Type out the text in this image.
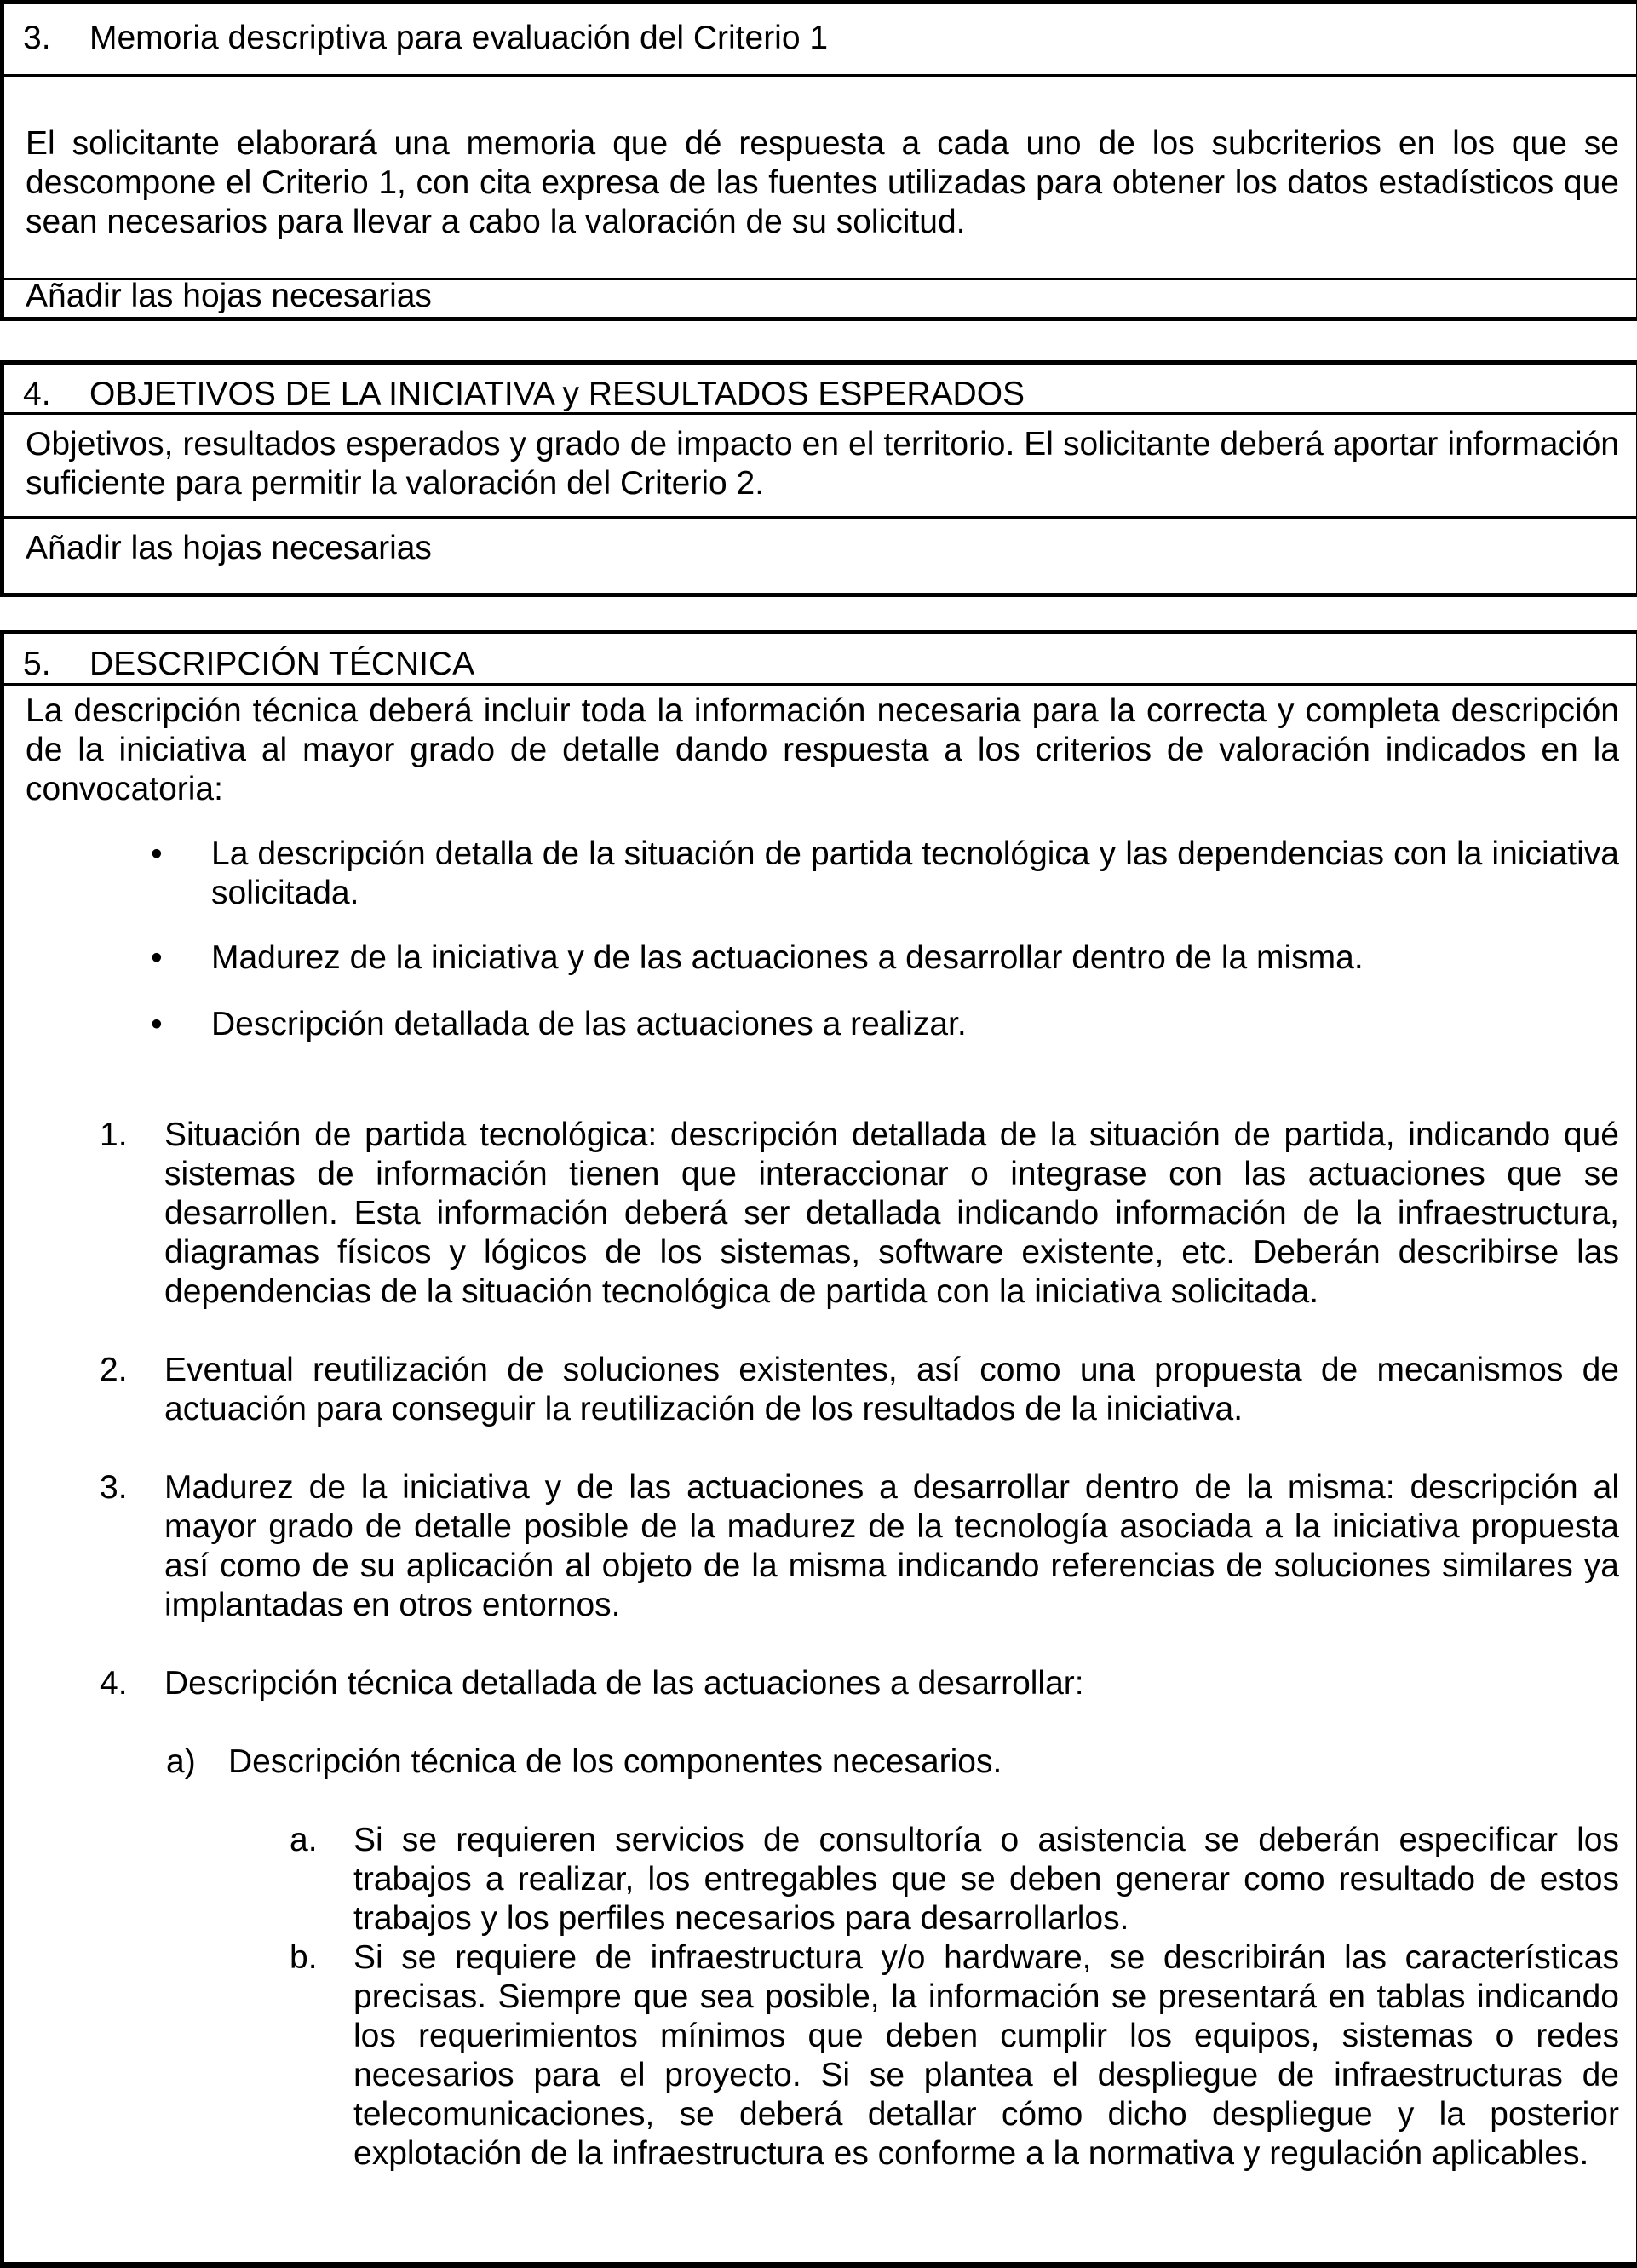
3. Memoria descriptiva para evaluación del Criterio 1
El solicitante elaborará una memoria que dé respuesta a cada uno de los subcriterios en los que se descompone el Criterio 1, con cita expresa de las fuentes utilizadas para obtener los datos estadísticos que sean necesarios para llevar a cabo la valoración de su solicitud.
Añadir las hojas necesarias
4. OBJETIVOS DE LA INICIATIVA y RESULTADOS ESPERADOS
Objetivos, resultados esperados y grado de impacto en el territorio. El solicitante deberá aportar información suficiente para permitir la valoración del Criterio 2.
Añadir las hojas necesarias
5. DESCRIPCIÓN TÉCNICA
La descripción técnica deberá incluir toda la información necesaria para la correcta y completa descripción de la iniciativa al mayor grado de detalle dando respuesta a los criterios de valoración indicados en la convocatoria:
• La descripción detalla de la situación de partida tecnológica y las dependencias con la iniciativa solicitada.
• Madurez de la iniciativa y de las actuaciones a desarrollar dentro de la misma.
• Descripción detallada de las actuaciones a realizar.
1. Situación de partida tecnológica: descripción detallada de la situación de partida, indicando qué sistemas de información tienen que interaccionar o integrase con las actuaciones que se desarrollen. Esta información deberá ser detallada indicando información de la infraestructura, diagramas físicos y lógicos de los sistemas, software existente, etc. Deberán describirse las dependencias de la situación tecnológica de partida con la iniciativa solicitada.
2. Eventual reutilización de soluciones existentes, así como una propuesta de mecanismos de actuación para conseguir la reutilización de los resultados de la iniciativa.
3. Madurez de la iniciativa y de las actuaciones a desarrollar dentro de la misma: descripción al mayor grado de detalle posible de la madurez de la tecnología asociada a la iniciativa propuesta así como de su aplicación al objeto de la misma indicando referencias de soluciones similares ya implantadas en otros entornos.
4. Descripción técnica detallada de las actuaciones a desarrollar:
a) Descripción técnica de los componentes necesarios.
a. Si se requieren servicios de consultoría o asistencia se deberán especificar los trabajos a realizar, los entregables que se deben generar como resultado de estos trabajos y los perfiles necesarios para desarrollarlos.
b. Si se requiere de infraestructura y/o hardware, se describirán las características precisas. Siempre que sea posible, la información se presentará en tablas indicando los requerimientos mínimos que deben cumplir los equipos, sistemas o redes necesarios para el proyecto. Si se plantea el despliegue de infraestructuras de telecomunicaciones, se deberá detallar cómo dicho despliegue y la posterior explotación de la infraestructura es conforme a la normativa y regulación aplicables.
